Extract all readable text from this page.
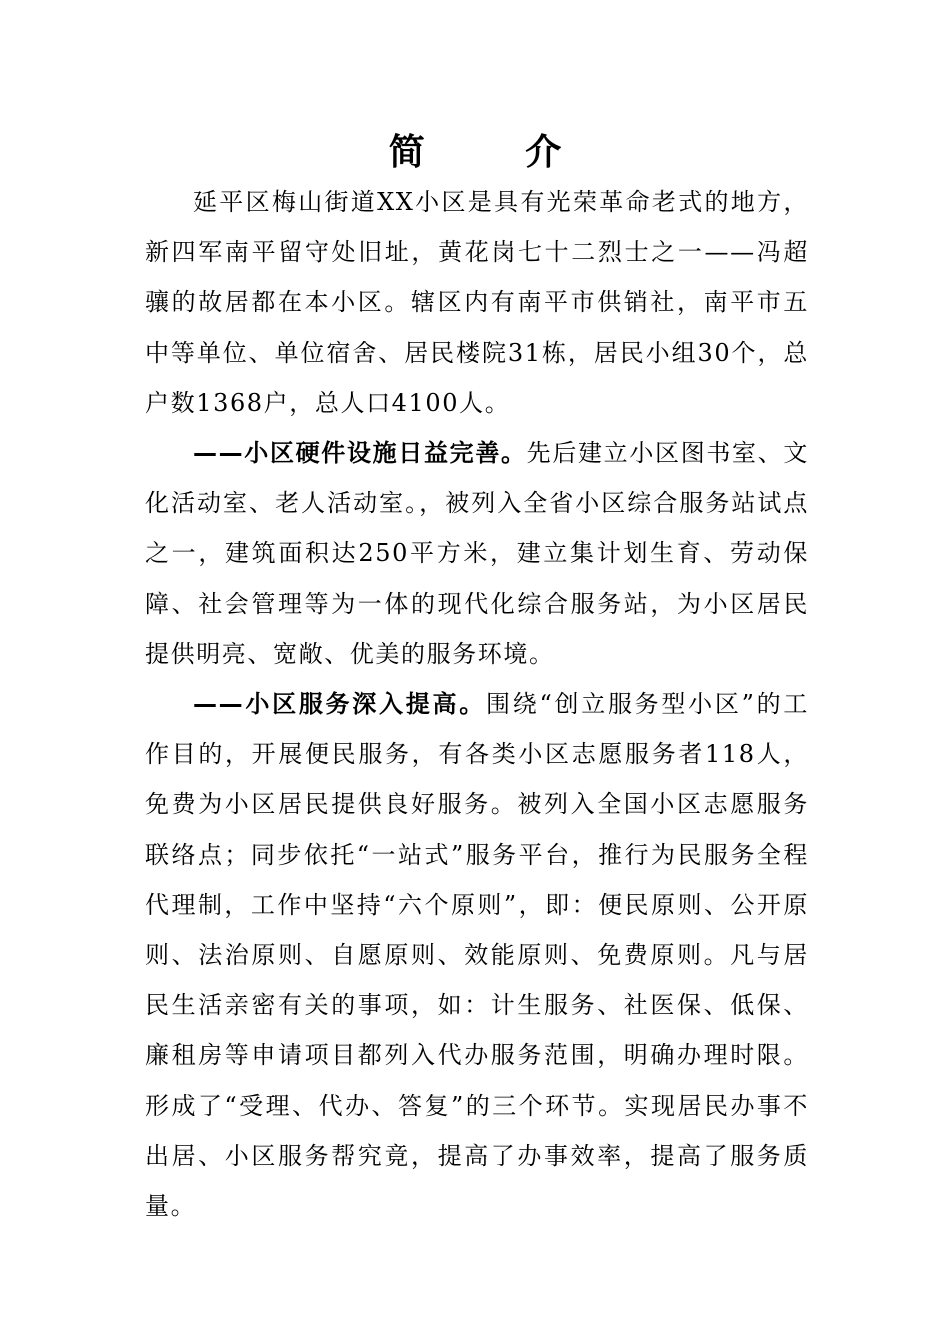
简 介

延平区梅山街道XX小区是具有光荣革命老式的地方，新四军南平留守处旧址，黄花岗七十二烈士之一——冯超骧的故居都在本小区。辖区内有南平市供销社，南平市五中等单位、单位宿舍、居民楼院31栋，居民小组30个，总户数1368户，总人口4100人。

——小区硬件设施日益完善。先后建立小区图书室、文化活动室、老人活动室。，被列入全省小区综合服务站试点之一，建筑面积达250平方米，建立集计划生育、劳动保障、社会管理等为一体的现代化综合服务站，为小区居民提供明亮、宽敞、优美的服务环境。

——小区服务深入提高。围绕“创立服务型小区”的工作目的，开展便民服务，有各类小区志愿服务者118人，免费为小区居民提供良好服务。被列入全国小区志愿服务联络点；同步依托“一站式”服务平台，推行为民服务全程代理制，工作中坚持“六个原则”，即：便民原则、公开原则、法治原则、自愿原则、效能原则、免费原则。凡与居民生活亲密有关的事项，如：计生服务、社医保、低保、廉租房等申请项目都列入代办服务范围，明确办理时限。形成了“受理、代办、答复”的三个环节。实现居民办事不出居、小区服务帮究竟，提高了办事效率，提高了服务质量。
